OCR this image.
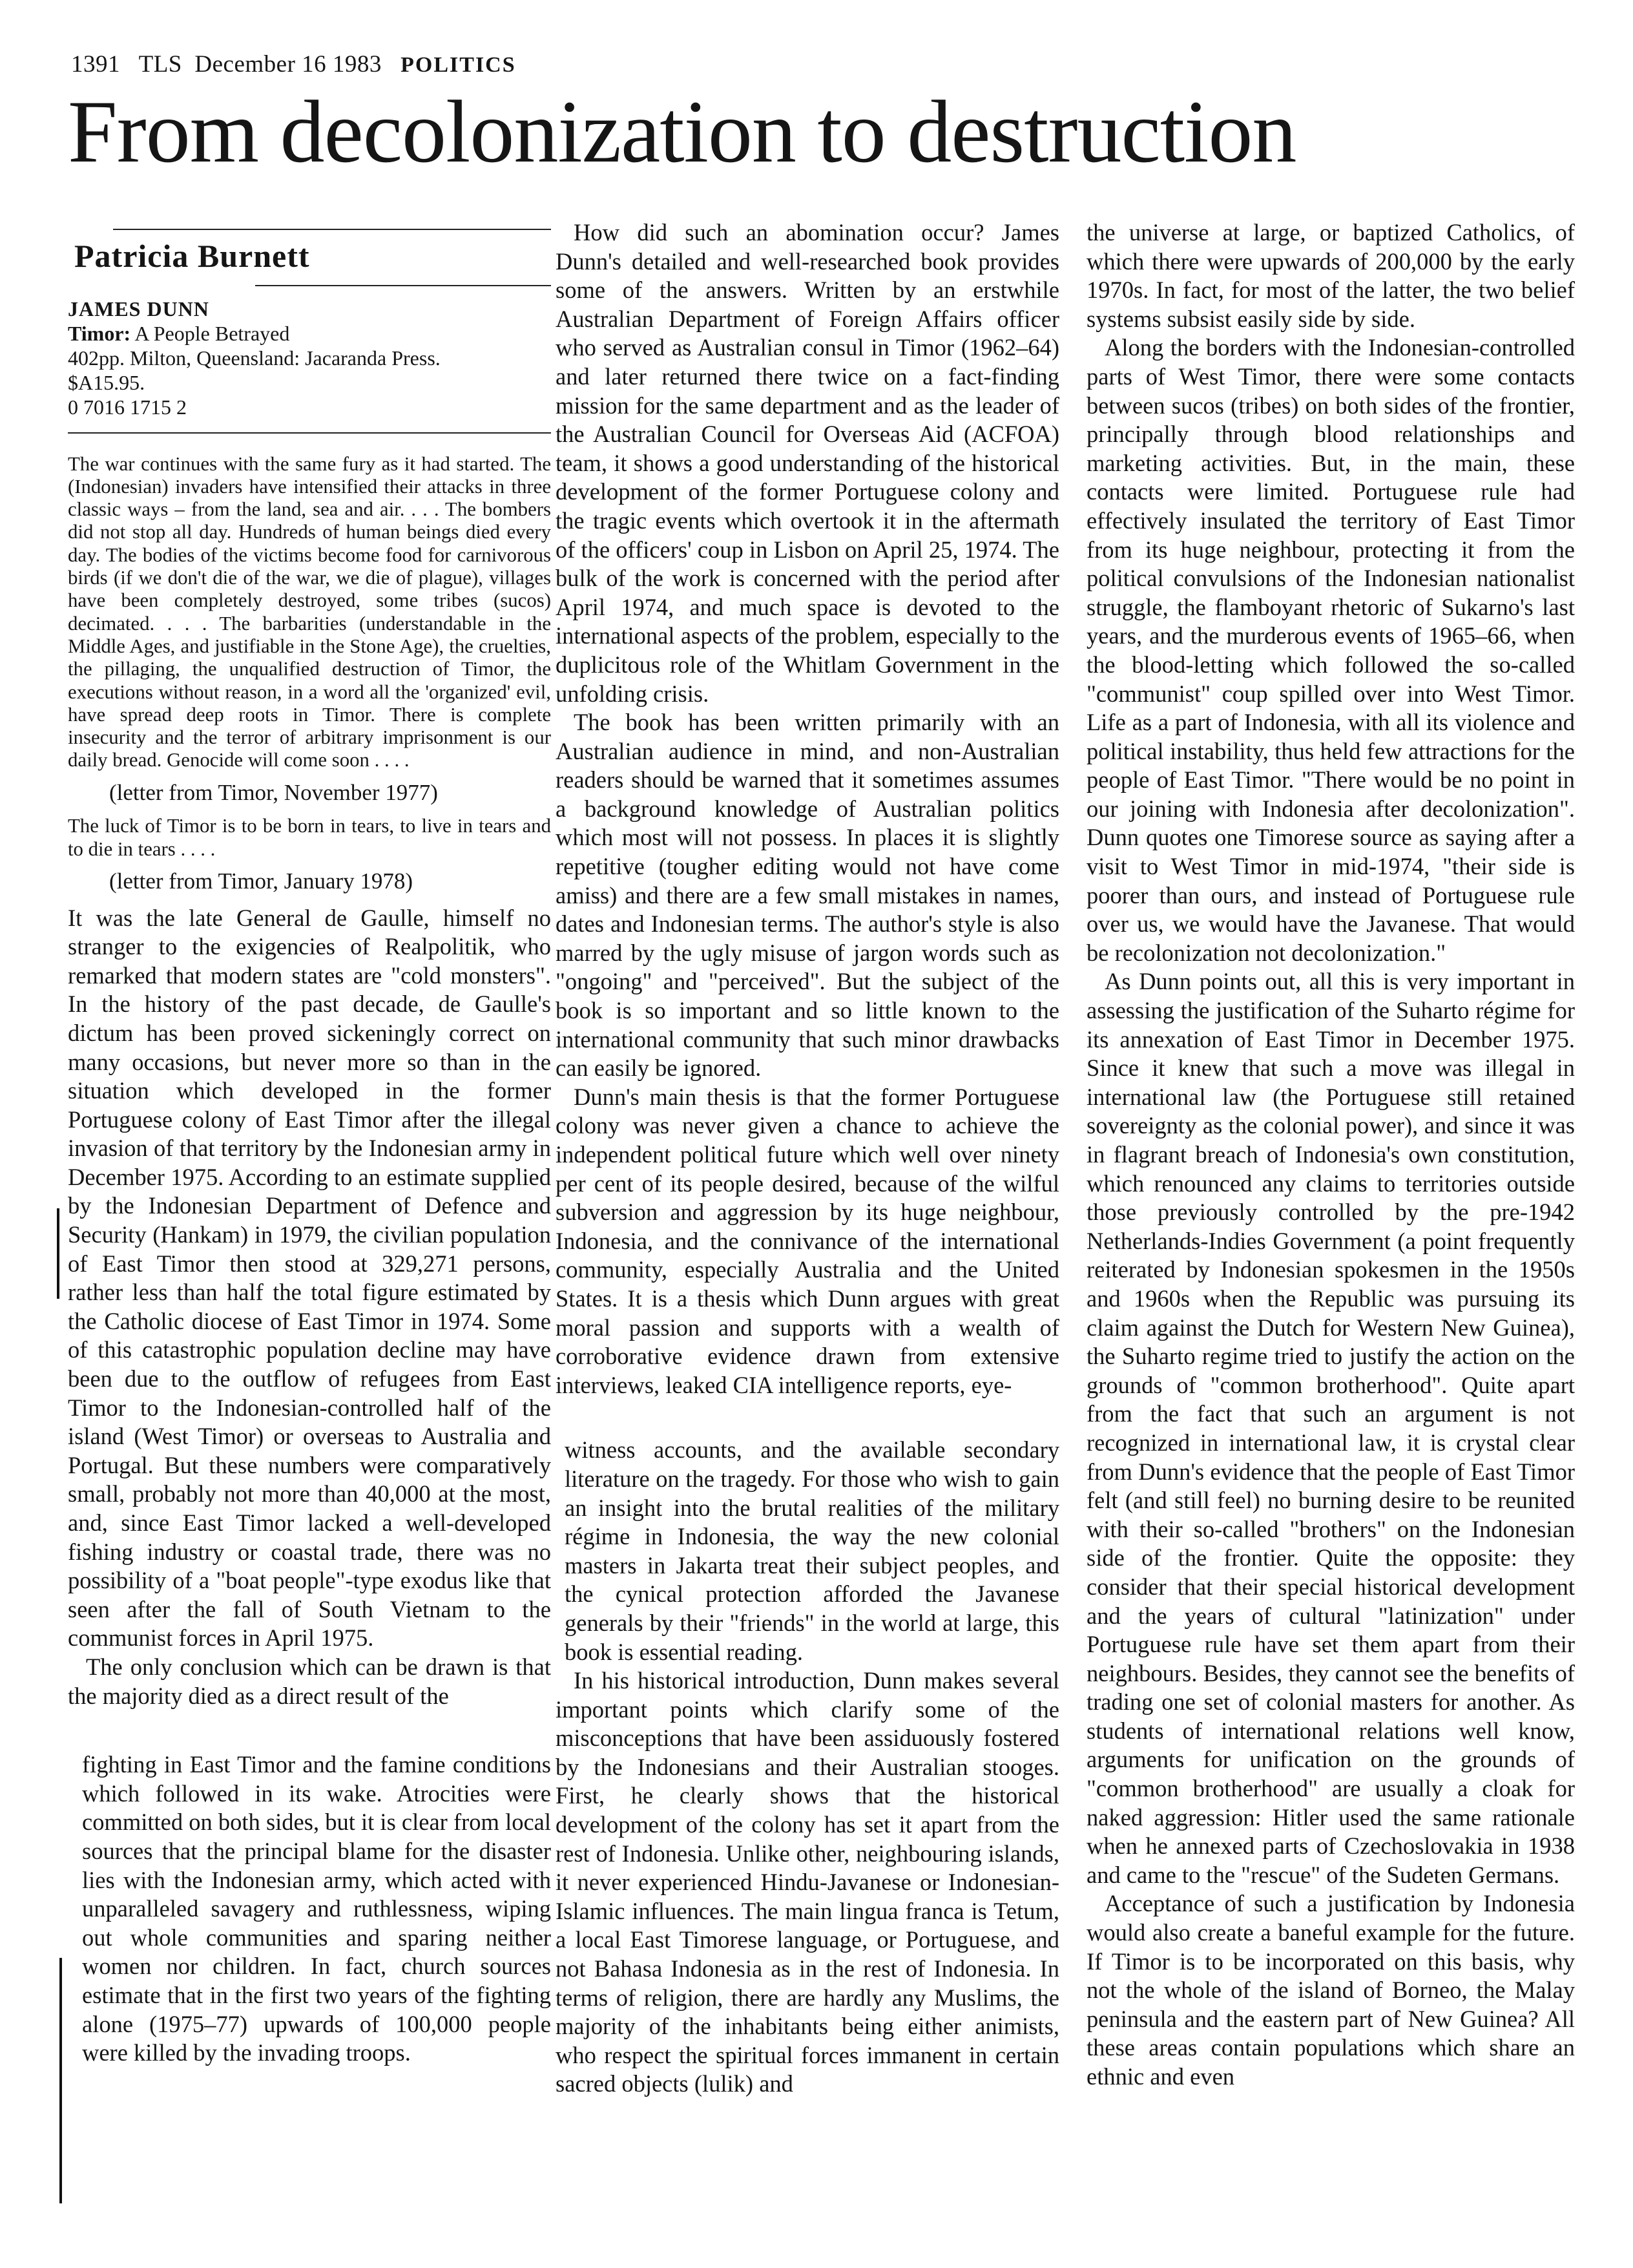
1391 TLS December 16 1983 POLITICS
From decolonization to destruction
Patricia Burnett
JAMES DUNN
Timor: A People Betrayed
402pp. Milton, Queensland: Jacaranda Press.
$A15.95.
0 7016 1715 2

The war continues with the same fury as it had started. The (Indonesian) invaders have intensified their attacks in three classic ways – from the land, sea and air. . . . The bombers did not stop all day. Hundreds of human beings died every day. The bodies of the victims become food for carnivorous birds (if we don't die of the war, we die of plague), villages have been completely destroyed, some tribes (sucos) decimated. . . . The barbarities (understandable in the Middle Ages, and justifiable in the Stone Age), the cruelties, the pillaging, the unqualified destruction of Timor, the executions without reason, in a word all the 'organized' evil, have spread deep roots in Timor. There is complete insecurity and the terror of arbitrary imprisonment is our daily bread. Genocide will come soon . . . .

(letter from Timor, November 1977)

The luck of Timor is to be born in tears, to live in tears and to die in tears . . . .

(letter from Timor, January 1978)

It was the late General de Gaulle, himself no stranger to the exigencies of Realpolitik, who remarked that modern states are "cold monsters". In the history of the past decade, de Gaulle's dictum has been proved sickeningly correct on many occasions, but never more so than in the situation which developed in the former Portuguese colony of East Timor after the illegal invasion of that territory by the Indonesian army in December 1975. According to an estimate supplied by the Indonesian Department of Defence and Security (Hankam) in 1979, the civilian population of East Timor then stood at 329,271 persons, rather less than half the total figure estimated by the Catholic diocese of East Timor in 1974. Some of this catastrophic population decline may have been due to the outflow of refugees from East Timor to the Indonesian-controlled half of the island (West Timor) or overseas to Australia and Portugal. But these numbers were comparatively small, probably not more than 40,000 at the most, and, since East Timor lacked a well-developed fishing industry or coastal trade, there was no possibility of a "boat people"-type exodus like that seen after the fall of South Vietnam to the communist forces in April 1975.

The only conclusion which can be drawn is that the majority died as a direct result of the

fighting in East Timor and the famine conditions which followed in its wake. Atrocities were committed on both sides, but it is clear from local sources that the principal blame for the disaster lies with the Indonesian army, which acted with unparalleled savagery and ruthlessness, wiping out whole communities and sparing neither women nor children. In fact, church sources estimate that in the first two years of the fighting alone (1975–77) upwards of 100,000 people were killed by the invading troops.

How did such an abomination occur? James Dunn's detailed and well-researched book provides some of the answers. Written by an erstwhile Australian Department of Foreign Affairs officer who served as Australian consul in Timor (1962–64) and later returned there twice on a fact-finding mission for the same department and as the leader of the Australian Council for Overseas Aid (ACFOA) team, it shows a good understanding of the historical development of the former Portuguese colony and the tragic events which overtook it in the aftermath of the officers' coup in Lisbon on April 25, 1974. The bulk of the work is concerned with the period after April 1974, and much space is devoted to the international aspects of the problem, especially to the duplicitous role of the Whitlam Government in the unfolding crisis.

The book has been written primarily with an Australian audience in mind, and non-Australian readers should be warned that it sometimes assumes a background knowledge of Australian politics which most will not possess. In places it is slightly repetitive (tougher editing would not have come amiss) and there are a few small mistakes in names, dates and Indonesian terms. The author's style is also marred by the ugly misuse of jargon words such as "ongoing" and "perceived". But the subject of the book is so important and so little known to the international community that such minor drawbacks can easily be ignored.

Dunn's main thesis is that the former Portuguese colony was never given a chance to achieve the independent political future which well over ninety per cent of its people desired, because of the wilful subversion and aggression by its huge neighbour, Indonesia, and the connivance of the international community, especially Australia and the United States. It is a thesis which Dunn argues with great moral passion and supports with a wealth of corroborative evidence drawn from extensive interviews, leaked CIA intelligence reports, eye-

witness accounts, and the available secondary literature on the tragedy. For those who wish to gain an insight into the brutal realities of the military régime in Indonesia, the way the new colonial masters in Jakarta treat their subject peoples, and the cynical protection afforded the Javanese generals by their "friends" in the world at large, this book is essential reading.

In his historical introduction, Dunn makes several important points which clarify some of the misconceptions that have been assiduously fostered by the Indonesians and their Australian stooges. First, he clearly shows that the historical development of the colony has set it apart from the rest of Indonesia. Unlike other, neighbouring islands, it never experienced Hindu-Javanese or Indonesian-Islamic influences. The main lingua franca is Tetum, a local East Timorese language, or Portuguese, and not Bahasa Indonesia as in the rest of Indonesia. In terms of religion, there are hardly any Muslims, the majority of the inhabitants being either animists, who respect the spiritual forces immanent in certain sacred objects (lulik) and

the universe at large, or baptized Catholics, of which there were upwards of 200,000 by the early 1970s. In fact, for most of the latter, the two belief systems subsist easily side by side.

Along the borders with the Indonesian-controlled parts of West Timor, there were some contacts between sucos (tribes) on both sides of the frontier, principally through blood relationships and marketing activities. But, in the main, these contacts were limited. Portuguese rule had effectively insulated the territory of East Timor from its huge neighbour, protecting it from the political convulsions of the Indonesian nationalist struggle, the flamboyant rhetoric of Sukarno's last years, and the murderous events of 1965–66, when the blood-letting which followed the so-called "communist" coup spilled over into West Timor. Life as a part of Indonesia, with all its violence and political instability, thus held few attractions for the people of East Timor. "There would be no point in our joining with Indonesia after decolonization". Dunn quotes one Timorese source as saying after a visit to West Timor in mid-1974, "their side is poorer than ours, and instead of Portuguese rule over us, we would have the Javanese. That would be recolonization not decolonization."

As Dunn points out, all this is very important in assessing the justification of the Suharto régime for its annexation of East Timor in December 1975. Since it knew that such a move was illegal in international law (the Portuguese still retained sovereignty as the colonial power), and since it was in flagrant breach of Indonesia's own constitution, which renounced any claims to territories outside those previously controlled by the pre-1942 Netherlands-Indies Government (a point frequently reiterated by Indonesian spokesmen in the 1950s and 1960s when the Republic was pursuing its claim against the Dutch for Western New Guinea), the Suharto regime tried to justify the action on the grounds of "common brotherhood". Quite apart from the fact that such an argument is not recognized in international law, it is crystal clear from Dunn's evidence that the people of East Timor felt (and still feel) no burning desire to be reunited with their so-called "brothers" on the Indonesian side of the frontier. Quite the opposite: they consider that their special historical development and the years of cultural "latinization" under Portuguese rule have set them apart from their neighbours. Besides, they cannot see the benefits of trading one set of colonial masters for another. As students of international relations well know, arguments for unification on the grounds of "common brotherhood" are usually a cloak for naked aggression: Hitler used the same rationale when he annexed parts of Czechoslovakia in 1938 and came to the "rescue" of the Sudeten Germans.

Acceptance of such a justification by Indonesia would also create a baneful example for the future. If Timor is to be incorporated on this basis, why not the whole of the island of Borneo, the Malay peninsula and the eastern part of New Guinea? All these areas contain populations which share an ethnic and even
